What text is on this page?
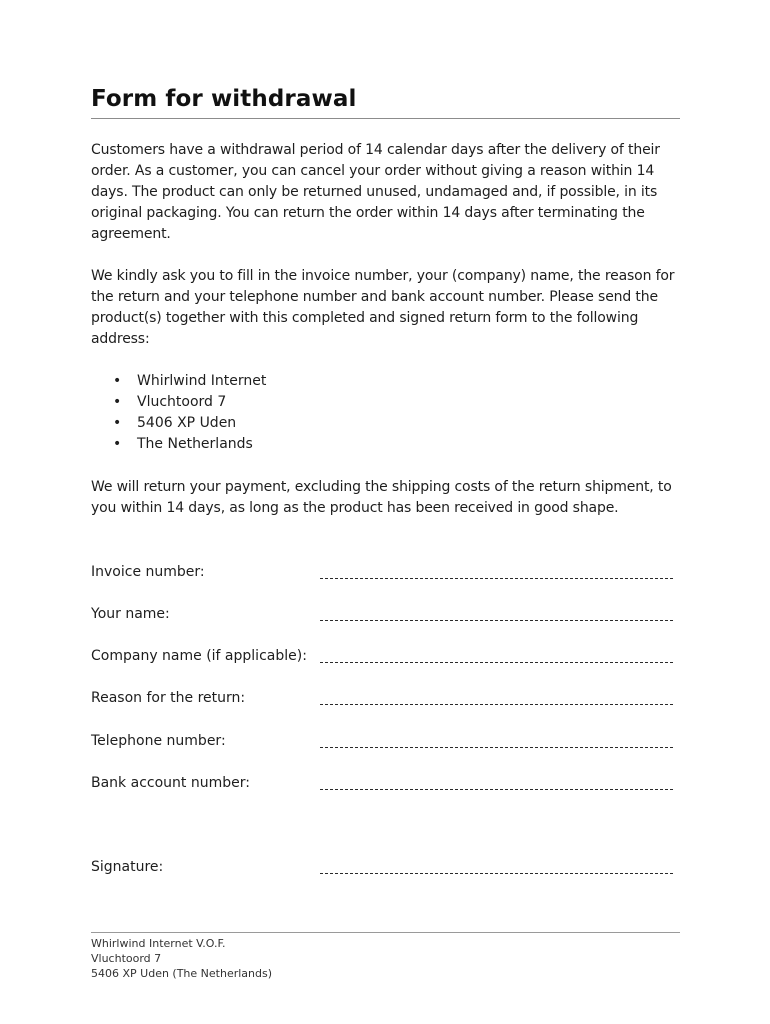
Form for withdrawal

Customers have a withdrawal period of 14 calendar days after the delivery of their order. As a customer, you can cancel your order without giving a reason within 14 days. The product can only be returned unused, undamaged and, if possible, in its original packaging. You can return the order within 14 days after terminating the agreement.

We kindly ask you to fill in the invoice number, your (company) name, the reason for the return and your telephone number and bank account number. Please send the product(s) together with this completed and signed return form to the following address:

• Whirlwind Internet
• Vluchtoord 7
• 5406 XP Uden
• The Netherlands

We will return your payment, excluding the shipping costs of the return shipment, to you within 14 days, as long as the product has been received in good shape.

Invoice number:
Your name:
Company name (if applicable):
Reason for the return:
Telephone number:
Bank account number:
Signature:
Whirlwind Internet V.O.F.
Vluchtoord 7
5406 XP Uden (The Netherlands)
